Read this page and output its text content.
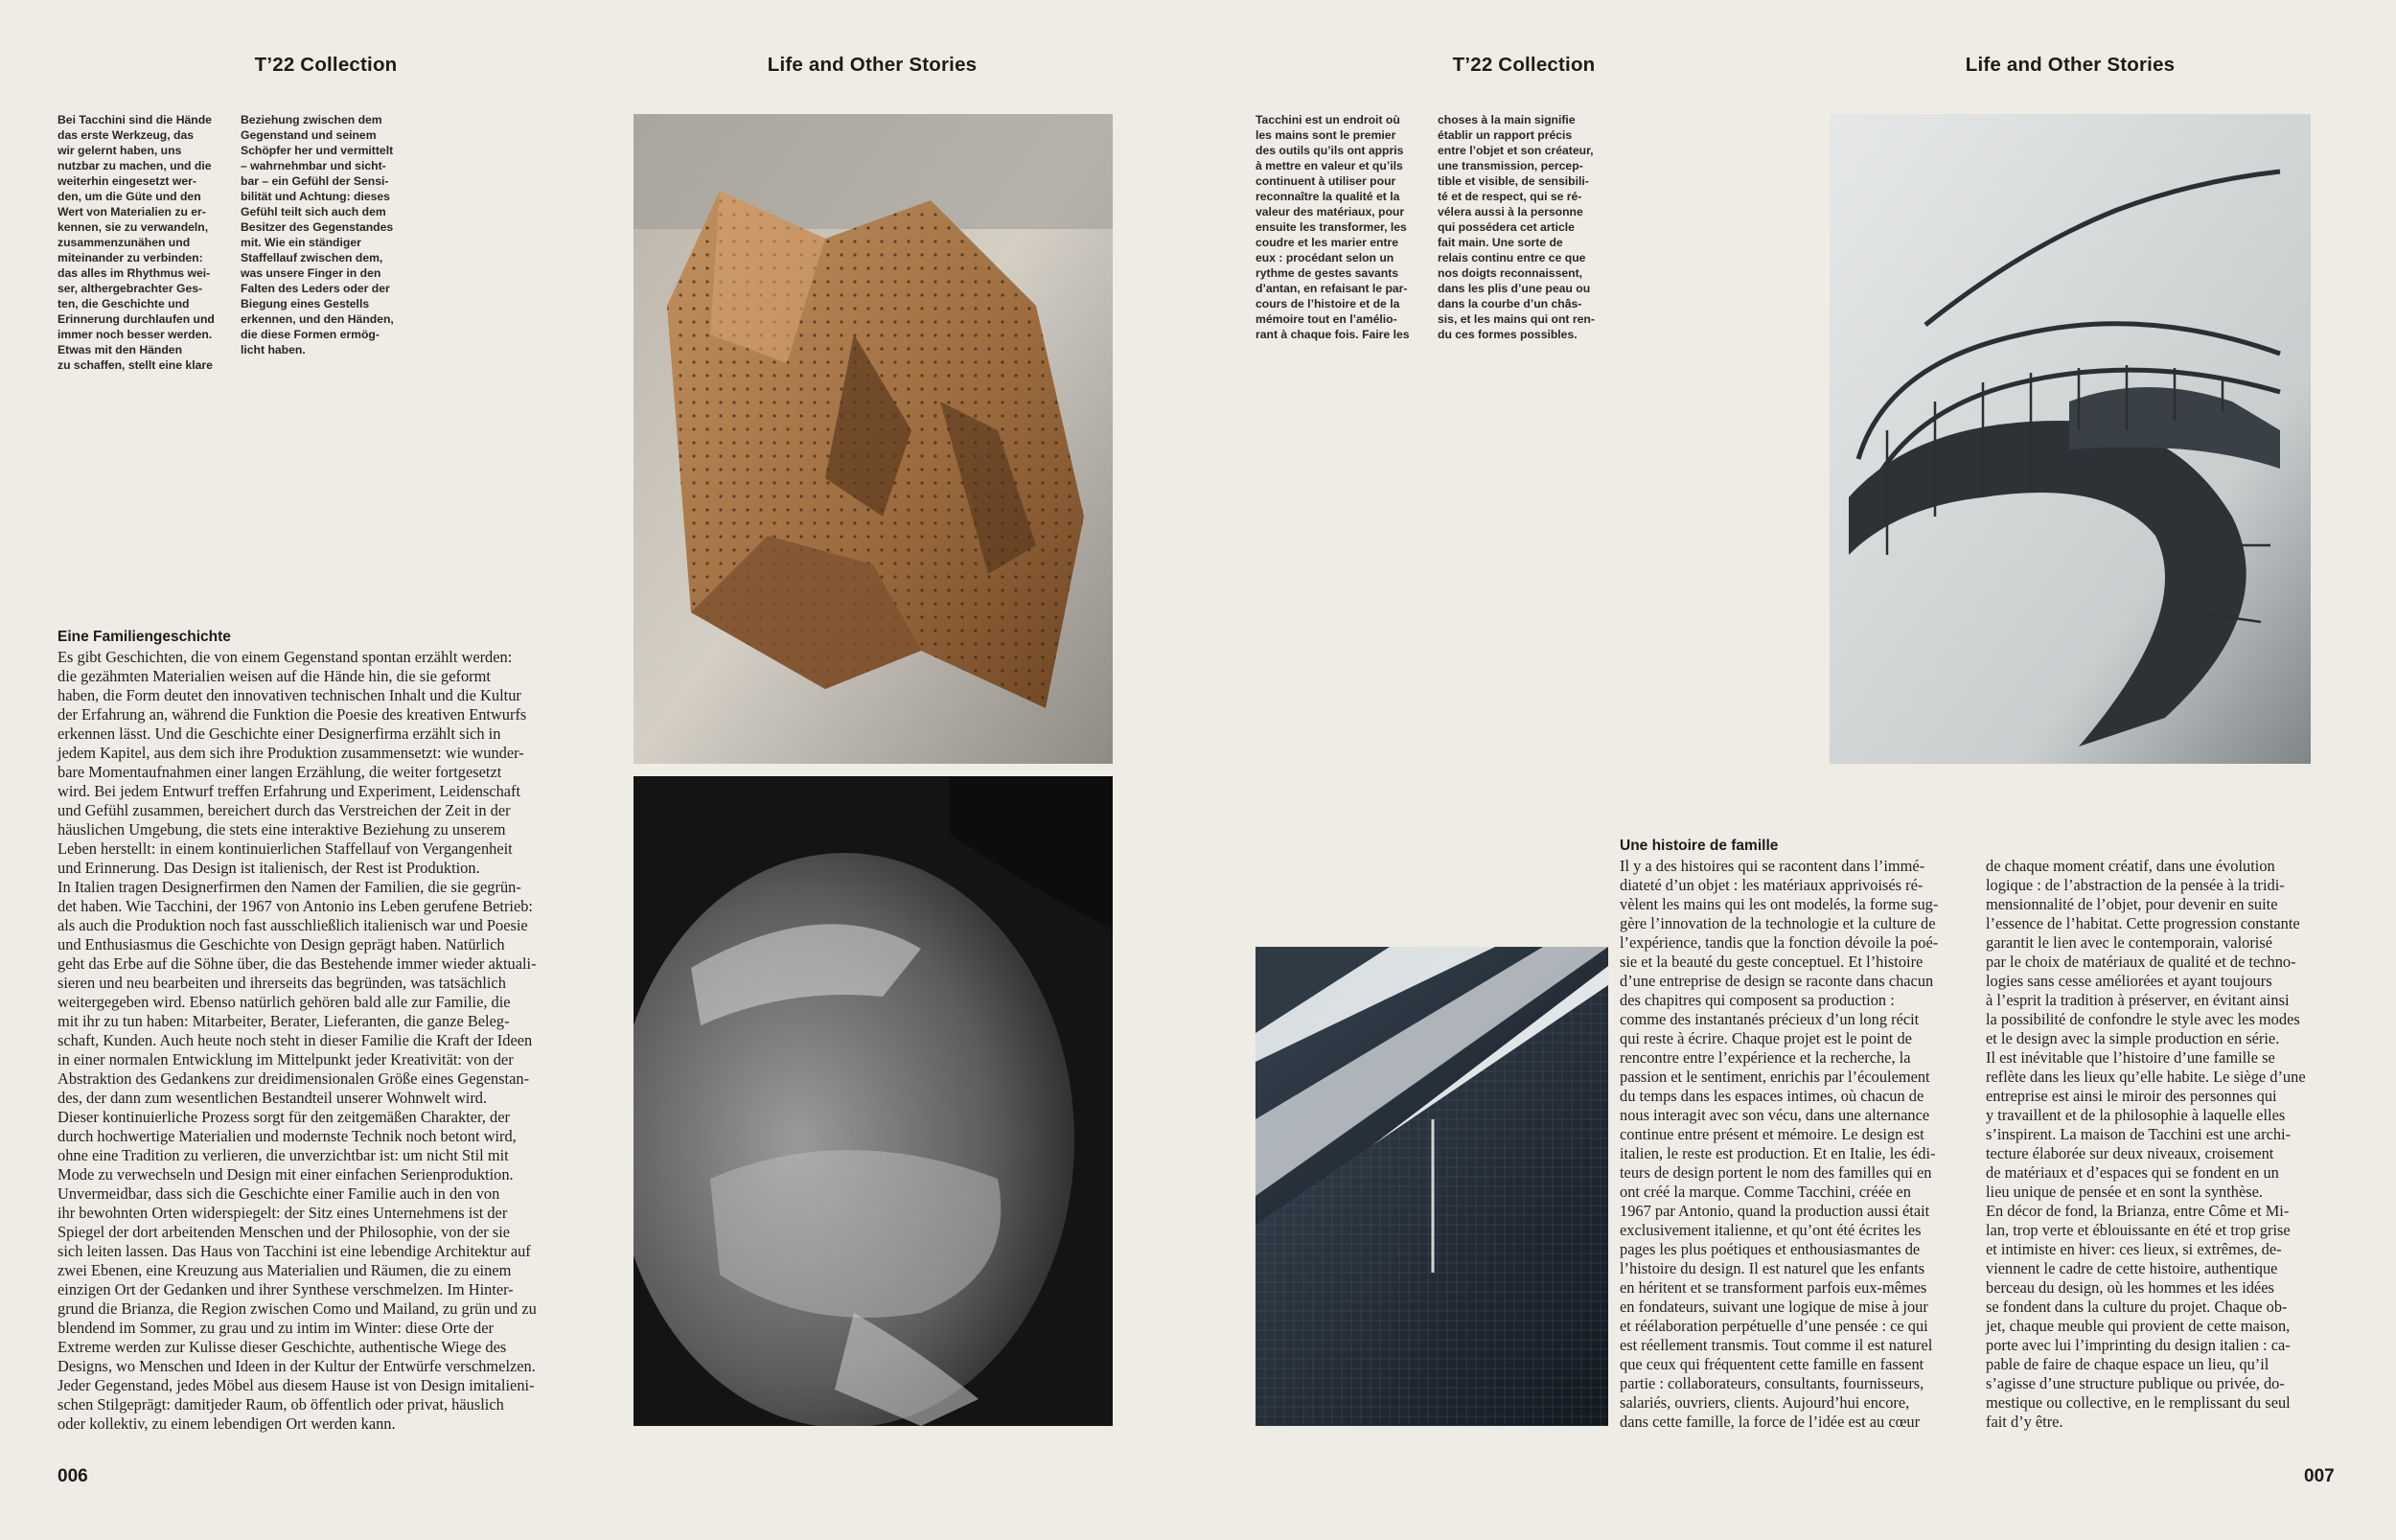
T’22 Collection	Life and Other Stories

Bei Tacchini sind die Hände
das erste Werkzeug, das
wir gelernt haben, uns
nutzbar zu machen, und die
weiterhin eingesetzt wer-
den, um die Güte und den
Wert von Materialien zu er-
kennen, sie zu verwandeln,
zusammenzunähen und
miteinander zu verbinden:
das alles im Rhythmus wei-
ser, althergebrachter Ges-
ten, die Geschichte und
Erinnerung durchlaufen und
immer noch besser werden.
Etwas mit den Händen
zu schaffen, stellt eine klare

Beziehung zwischen dem
Gegenstand und seinem
Schöpfer her und vermittelt
– wahrnehmbar und sicht-
bar – ein Gefühl der Sensi-
bilität und Achtung: dieses
Gefühl teilt sich auch dem
Besitzer des Gegenstandes
mit. Wie ein ständiger
Staffellauf zwischen dem,
was unsere Finger in den
Falten des Leders oder der
Biegung eines Gestells
erkennen, und den Händen,
die diese Formen ermög-
licht haben.

Eine Familiengeschichte

Es gibt Geschichten, die von einem Gegenstand spontan erzählt werden:
die gezähmten Materialien weisen auf die Hände hin, die sie geformt
haben, die Form deutet den innovativen technischen Inhalt und die Kultur
der Erfahrung an, während die Funktion die Poesie des kreativen Entwurfs
erkennen lässt. Und die Geschichte einer Designerfirma erzählt sich in
jedem Kapitel, aus dem sich ihre Produktion zusammensetzt: wie wunder-
bare Momentaufnahmen einer langen Erzählung, die weiter fortgesetzt
wird. Bei jedem Entwurf treffen Erfahrung und Experiment, Leidenschaft
und Gefühl zusammen, bereichert durch das Verstreichen der Zeit in der
häuslichen Umgebung, die stets eine interaktive Beziehung zu unserem
Leben herstellt: in einem kontinuierlichen Staffellauf von Vergangenheit
und Erinnerung. Das Design ist italienisch, der Rest ist Produktion.
In Italien tragen Designerfirmen den Namen der Familien, die sie gegrün-
det haben. Wie Tacchini, der 1967 von Antonio ins Leben gerufene Betrieb:
als auch die Produktion noch fast ausschließlich italienisch war und Poesie
und Enthusiasmus die Geschichte von Design geprägt haben. Natürlich
geht das Erbe auf die Söhne über, die das Bestehende immer wieder aktuali-
sieren und neu bearbeiten und ihrerseits das begründen, was tatsächlich
weitergegeben wird. Ebenso natürlich gehören bald alle zur Familie, die
mit ihr zu tun haben: Mitarbeiter, Berater, Lieferanten, die ganze Beleg-
schaft, Kunden. Auch heute noch steht in dieser Familie die Kraft der Ideen
in einer normalen Entwicklung im Mittelpunkt jeder Kreativität: von der
Abstraktion des Gedankens zur dreidimensionalen Größe eines Gegenstan-
des, der dann zum wesentlichen Bestandteil unserer Wohnwelt wird.
Dieser kontinuierliche Prozess sorgt für den zeitgemäßen Charakter, der
durch hochwertige Materialien und modernste Technik noch betont wird,
ohne eine Tradition zu verlieren, die unverzichtbar ist: um nicht Stil mit
Mode zu verwechseln und Design mit einer einfachen Serienproduktion.
Unvermeidbar, dass sich die Geschichte einer Familie auch in den von
ihr bewohnten Orten widerspiegelt: der Sitz eines Unternehmens ist der
Spiegel der dort arbeitenden Menschen und der Philosophie, von der sie
sich leiten lassen. Das Haus von Tacchini ist eine lebendige Architektur auf
zwei Ebenen, eine Kreuzung aus Materialien und Räumen, die zu einem
einzigen Ort der Gedanken und ihrer Synthese verschmelzen. Im Hinter-
grund die Brianza, die Region zwischen Como und Mailand, zu grün und zu
blendend im Sommer, zu grau und zu intim im Winter: diese Orte der
Extreme werden zur Kulisse dieser Geschichte, authentische Wiege des
Designs, wo Menschen und Ideen in der Kultur der Entwürfe verschmelzen.
Jeder Gegenstand, jedes Möbel aus diesem Hause ist von Design imitalieni-
schen Stilgeprägt: damitjeder Raum, ob öffentlich oder privat, häuslich
oder kollektiv, zu einem lebendigen Ort werden kann.

006
T’22 Collection	Life and Other Stories

Tacchini est un endroit où
les mains sont le premier
des outils qu’ils ont appris
à mettre en valeur et qu’ils
continuent à utiliser pour
reconnaître la qualité et la
valeur des matériaux, pour
ensuite les transformer, les
coudre et les marier entre
eux : procédant selon un
rythme de gestes savants
d’antan, en refaisant le par-
cours de l’histoire et de la
mémoire tout en l’amélio-
rant à chaque fois. Faire les

choses à la main signifie
établir un rapport précis
entre l’objet et son créateur,
une transmission, percep-
tible et visible, de sensibili-
té et de respect, qui se ré-
vélera aussi à la personne
qui possédera cet article
fait main. Une sorte de
relais continu entre ce que
nos doigts reconnaissent,
dans les plis d’une peau ou
dans la courbe d’un châs-
sis, et les mains qui ont ren-
du ces formes possibles.

Une histoire de famille

Il y a des histoires qui se racontent dans l’immé-
diateté d’un objet : les matériaux apprivoisés ré-
vèlent les mains qui les ont modelés, la forme sug-
gère l’innovation de la technologie et la culture de
l’expérience, tandis que la fonction dévoile la poé-
sie et la beauté du geste conceptuel. Et l’histoire
d’une entreprise de design se raconte dans chacun
des chapitres qui composent sa production :
comme des instantanés précieux d’un long récit
qui reste à écrire. Chaque projet est le point de
rencontre entre l’expérience et la recherche, la
passion et le sentiment, enrichis par l’écoulement
du temps dans les espaces intimes, où chacun de
nous interagit avec son vécu, dans une alternance
continue entre présent et mémoire. Le design est
italien, le reste est production. Et en Italie, les édi-
teurs de design portent le nom des familles qui en
ont créé la marque. Comme Tacchini, créée en
1967 par Antonio, quand la production aussi était
exclusivement italienne, et qu’ont été écrites les
pages les plus poétiques et enthousiasmantes de
l’histoire du design. Il est naturel que les enfants
en héritent et se transforment parfois eux-mêmes
en fondateurs, suivant une logique de mise à jour
et réélaboration perpétuelle d’une pensée : ce qui
est réellement transmis. Tout comme il est naturel
que ceux qui fréquentent cette famille en fassent
partie : collaborateurs, consultants, fournisseurs,
salariés, ouvriers, clients. Aujourd’hui encore,
dans cette famille, la force de l’idée est au cœur

de chaque moment créatif, dans une évolution
logique : de l’abstraction de la pensée à la tridi-
mensionnalité de l’objet, pour devenir en suite
l’essence de l’habitat. Cette progression constante
garantit le lien avec le contemporain, valorisé
par le choix de matériaux de qualité et de techno-
logies sans cesse améliorées et ayant toujours
à l’esprit la tradition à préserver, en évitant ainsi
la possibilité de confondre le style avec les modes
et le design avec la simple production en série.
Il est inévitable que l’histoire d’une famille se
reflète dans les lieux qu’elle habite. Le siège d’une
entreprise est ainsi le miroir des personnes qui
y travaillent et de la philosophie à laquelle elles
s’inspirent. La maison de Tacchini est une archi-
tecture élaborée sur deux niveaux, croisement
de matériaux et d’espaces qui se fondent en un
lieu unique de pensée et en sont la synthèse.
En décor de fond, la Brianza, entre Côme et Mi-
lan, trop verte et éblouissante en été et trop grise
et intimiste en hiver: ces lieux, si extrêmes, de-
viennent le cadre de cette histoire, authentique
berceau du design, où les hommes et les idées
se fondent dans la culture du projet. Chaque ob-
jet, chaque meuble qui provient de cette maison,
porte avec lui l’imprinting du design italien : ca-
pable de faire de chaque espace un lieu, qu’il
s’agisse d’une structure publique ou privée, do-
mestique ou collective, en le remplissant du seul
fait d’y être.

007
